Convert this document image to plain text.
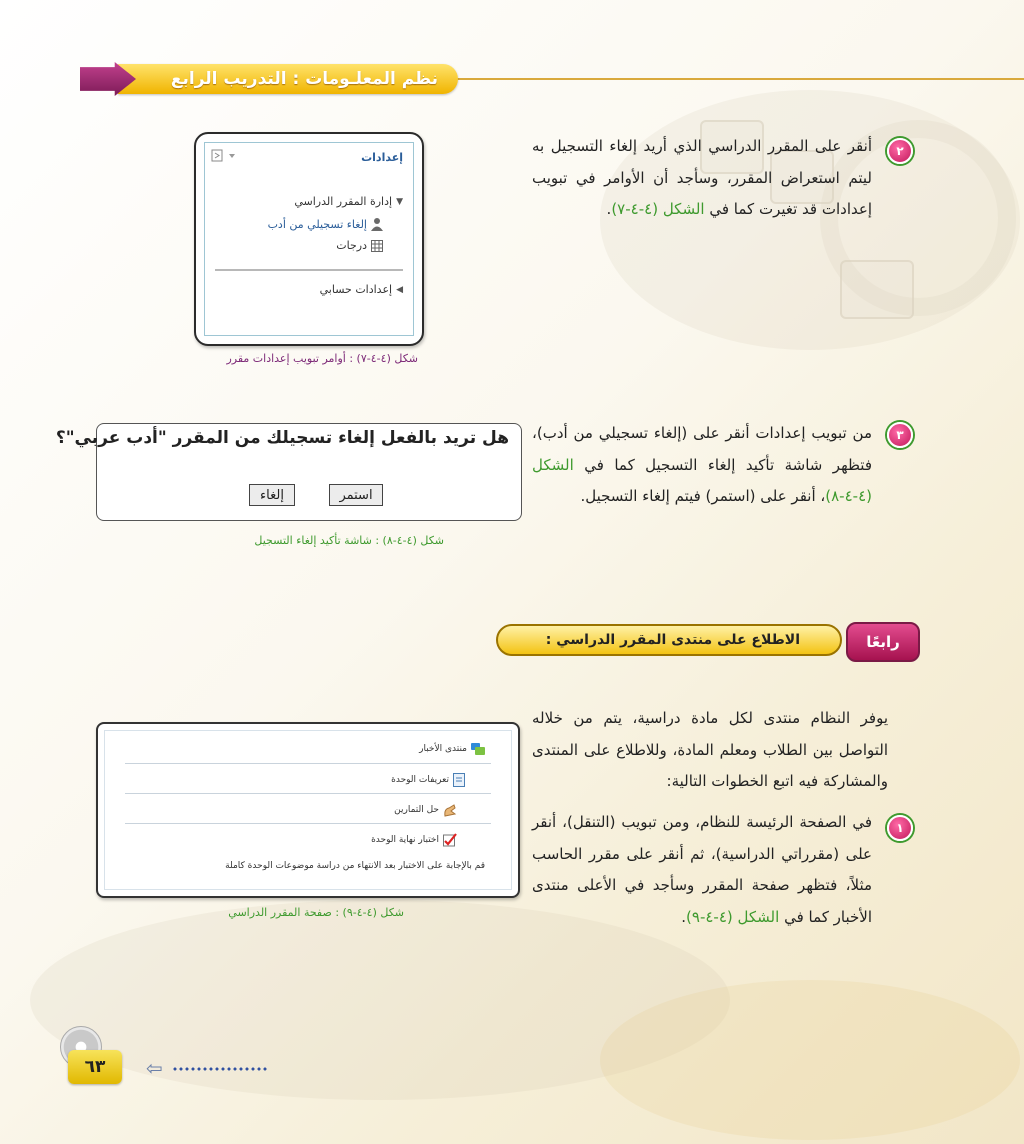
نظم المعلـومات : التدريب الرابع
٢
أنقر على المقرر الدراسي الذي أريد إلغاء التسجيل به ليتم استعراض المقرر، وسأجد أن الأوامر في تبويب إعدادات قد تغيرت كما في الشكل (٤-٤-٧).
إعدادات
▼
إدارة المقرر الدراسي
إلغاء تسجيلي من أدب
درجات
◀
إعدادات حسابي
شكل (٤-٤-٧) : أوامر تبويب إعدادات مقرر
٣
من تبويب إعدادات أنقر على (إلغاء تسجيلي من أدب)، فتظهر شاشة تأكيد إلغاء التسجيل كما في الشكل (٤-٤-٨)، أنقر على (استمر) فيتم إلغاء التسجيل.
هل تريد بالفعل إلغاء تسجيلك من المقرر "أدب عربي"؟
استمر
إلغاء
شكل (٤-٤-٨) : شاشة تأكيد إلغاء التسجيل
رابعًا
الاطلاع على منتدى المقرر الدراسي :
يوفر النظام منتدى لكل مادة دراسية، يتم من خلاله التواصل بين الطلاب ومعلم المادة، وللاطلاع على المنتدى والمشاركة فيه اتبع الخطوات التالية:
١
في الصفحة الرئيسة للنظام، ومن تبويب (التنقل)، أنقر على (مقرراتي الدراسية)، ثم أنقر على مقرر الحاسب مثلاً، فتظهر صفحة المقرر وسأجد في الأعلى منتدى الأخبار كما في الشكل (٤-٤-٩).
منتدى الأخبار
تعريفات الوحدة
حل التمارين
اختبار نهاية الوحدة
قم بالإجابة على الاختبار بعد الانتهاء من دراسة موضوعات الوحدة كاملة
شكل (٤-٤-٩) : صفحة المقرر الدراسي
٦٣ ⇦
